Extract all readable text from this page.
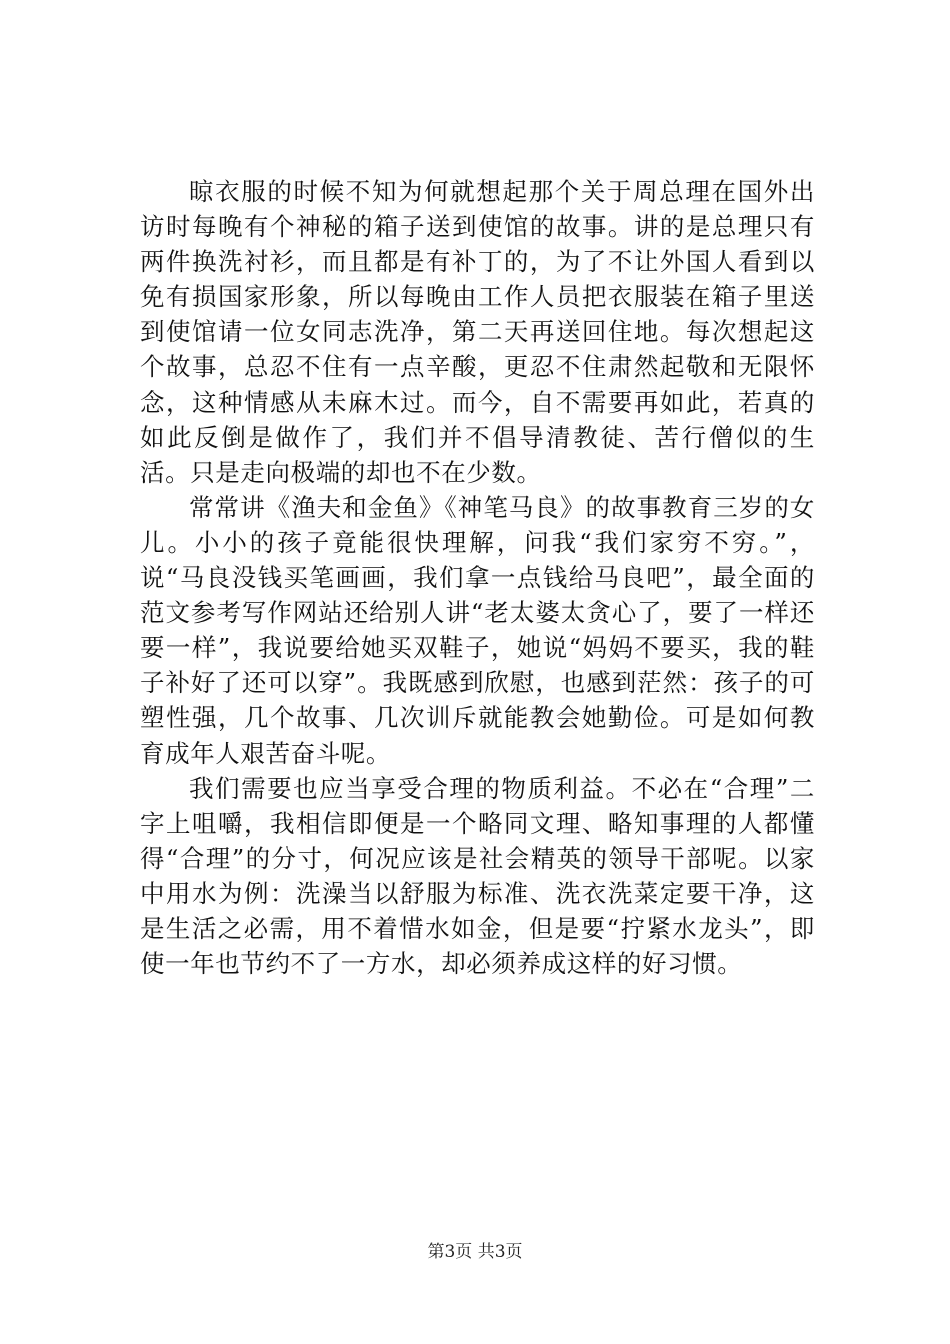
晾衣服的时候不知为何就想起那个关于周总理在国外出访时每晚有个神秘的箱子送到使馆的故事。讲的是总理只有两件换洗衬衫，而且都是有补丁的，为了不让外国人看到以免有损国家形象，所以每晚由工作人员把衣服装在箱子里送到使馆请一位女同志洗净，第二天再送回住地。每次想起这个故事，总忍不住有一点辛酸，更忍不住肃然起敬和无限怀念，这种情感从未麻木过。而今，自不需要再如此，若真的如此反倒是做作了，我们并不倡导清教徒、苦行僧似的生活。只是走向极端的却也不在少数。

常常讲《渔夫和金鱼》《神笔马良》的故事教育三岁的女儿。小小的孩子竟能很快理解，问我“我们家穷不穷。”，说“马良没钱买笔画画，我们拿一点钱给马良吧”，最全面的范文参考写作网站还给别人讲“老太婆太贪心了，要了一样还要一样”，我说要给她买双鞋子，她说“妈妈不要买，我的鞋子补好了还可以穿”。我既感到欣慰，也感到茫然：孩子的可塑性强，几个故事、几次训斥就能教会她勤俭。可是如何教育成年人艰苦奋斗呢。

我们需要也应当享受合理的物质利益。不必在“合理”二字上咀嚼，我相信即便是一个略同文理、略知事理的人都懂得“合理”的分寸，何况应该是社会精英的领导干部呢。以家中用水为例：洗澡当以舒服为标准、洗衣洗菜定要干净，这是生活之必需，用不着惜水如金，但是要“拧紧水龙头”，即使一年也节约不了一方水，却必须养成这样的好习惯。

第3页 共3页
